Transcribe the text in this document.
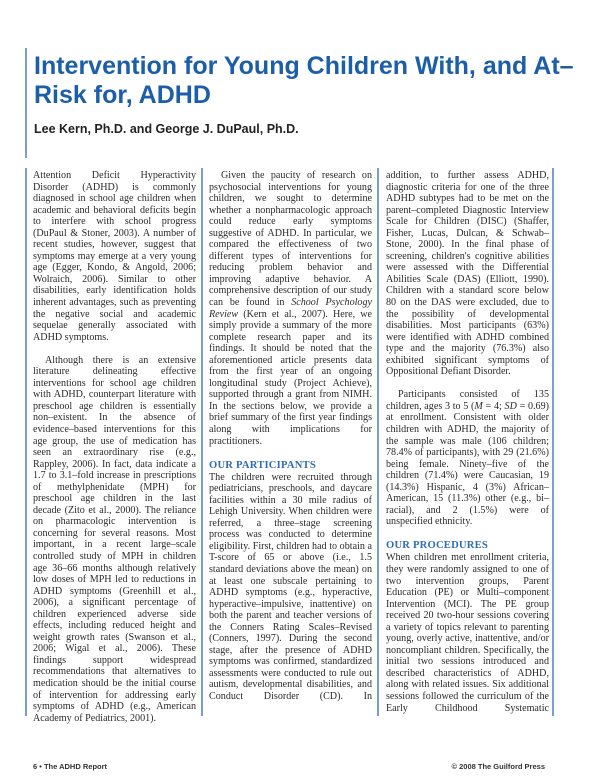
Intervention for Young Children With, and At–Risk for, ADHD
Lee Kern, Ph.D. and George J. DuPaul, Ph.D.

Attention Deficit Hyperactivity Disorder (ADHD) is commonly diagnosed in school age children when academic and behavioral deficits begin to interfere with school progress (DuPaul & Stoner, 2003). A number of recent studies, however, suggest that symptoms may emerge at a very young age (Egger, Kondo, & Angold, 2006; Wolraich, 2006). Similar to other disabilities, early identification holds inherent advantages, such as preventing the negative social and academic sequelae generally associated with ADHD symptoms.

Although there is an extensive literature delineating effective interventions for school age children with ADHD, counterpart literature with preschool age children is essentially non–existent. In the absence of evidence–based interventions for this age group, the use of medication has seen an extraordinary rise (e.g., Rappley, 2006). In fact, data indicate a 1.7 to 3.1–fold increase in prescriptions of methylphenidate (MPH) for preschool age children in the last decade (Zito et al., 2000). The reliance on pharmacologic intervention is concerning for several reasons. Most important, in a recent large–scale controlled study of MPH in children age 36–66 months although relatively low doses of MPH led to reductions in ADHD symptoms (Greenhill et al., 2006), a significant percentage of children experienced adverse side effects, including reduced height and weight growth rates (Swanson et al., 2006; Wigal et al., 2006). These findings support widespread recommendations that alternatives to medication should be the initial course of intervention for addressing early symptoms of ADHD (e.g., American Academy of Pediatrics, 2001).

Given the paucity of research on psychosocial interventions for young children, we sought to determine whether a nonpharmacologic approach could reduce early symptoms suggestive of ADHD. In particular, we compared the effectiveness of two different types of interventions for reducing problem behavior and improving adaptive behavior. A comprehensive description of our study can be found in School Psychology Review (Kern et al., 2007). Here, we simply provide a summary of the more complete research paper and its findings. It should be noted that the aforementioned article presents data from the first year of an ongoing longitudinal study (Project Achieve), supported through a grant from NIMH. In the sections below, we provide a brief summary of the first year findings along with implications for practitioners.

OUR PARTICIPANTS

The children were recruited through pediatricians, preschools, and daycare facilities within a 30 mile radius of Lehigh University. When children were referred, a three–stage screening process was conducted to determine eligibility. First, children had to obtain a T-score of 65 or above (i.e., 1.5 standard deviations above the mean) on at least one subscale pertaining to ADHD symptoms (e.g., hyperactive, hyperactive–impulsive, inattentive) on both the parent and teacher versions of the Conners Rating Scales–Revised (Conners, 1997). During the second stage, after the presence of ADHD symptoms was confirmed, standardized assessments were conducted to rule out autism, developmental disabilities, and Conduct Disorder (CD). In

addition, to further assess ADHD, diagnostic criteria for one of the three ADHD subtypes had to be met on the parent–completed Diagnostic Interview Scale for Children (DISC) (Shaffer, Fisher, Lucas, Dulcan, & Schwab–Stone, 2000). In the final phase of screening, children's cognitive abilities were assessed with the Differential Abilities Scale (DAS) (Elliott, 1990). Children with a standard score below 80 on the DAS were excluded, due to the possibility of developmental disabilities. Most participants (63%) were identified with ADHD combined type and the majority (76.3%) also exhibited significant symptoms of Oppositional Defiant Disorder.

Participants consisted of 135 children, ages 3 to 5 (M = 4; SD = 0.69) at enrollment. Consistent with older children with ADHD, the majority of the sample was male (106 children; 78.4% of participants), with 29 (21.6%) being female. Ninety–five of the children (71.4%) were Caucasian, 19 (14.3%) Hispanic, 4 (3%) African–American, 15 (11.3%) other (e.g., bi–racial), and 2 (1.5%) were of unspecified ethnicity.

OUR PROCEDURES

When children met enrollment criteria, they were randomly assigned to one of two intervention groups, Parent Education (PE) or Multi–component Intervention (MCI). The PE group received 20 two-hour sessions covering a variety of topics relevant to parenting young, overly active, inattentive, and/or noncompliant children. Specifically, the initial two sessions introduced and described characteristics of ADHD, along with related issues. Six additional sessions followed the curriculum of the Early Childhood Systematic

6 • The ADHD Report	© 2008 The Guilford Press
